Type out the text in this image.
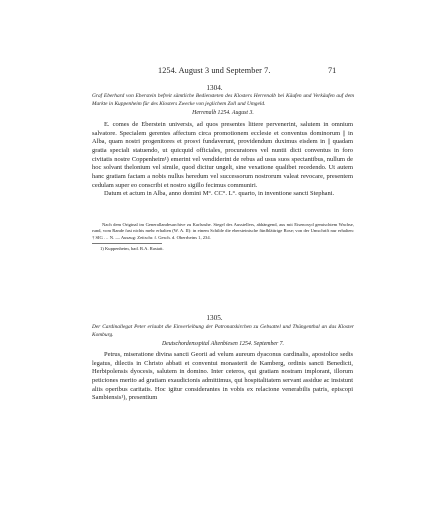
1254. August 3 und September 7.	71
1304.
Graf Eberhard von Eberstein befreit sämtliche Bediensteten des Klosters Herrenalb bei Käufen und Verkäufen auf dem Markte in Kuppenheim für des Klosters Zwecke von jeglichem Zoll und Umgeld.
Herrenalb 1254. August 3.

E. comes de Eberstein universis, ad quos presentes littere pervenerint, salutem in omnium salvatore. Specialem gerentes affectum circa promotionem ecclesie et conventus dominorum || in Alba, quam nostri progenitores et prosvi fundaverunt, providendum duximus eisdem in || quadam gratia speciali statuendo, ut quicquid officiales, procuratores vel nuntii dicti conventus in foro civitatis nostre Coppenheim¹) emerint vel vendiderint de rebus ad usus suos spectantibus, nullum de hoc solvant thelonium vel simile, quod dicitur ungelt, sine vexatione qualibet recedendo. Ut autem hanc gratiam factam a nobis nullus heredum vel successorum nostrorum valeat revocare, presentem cedulam super eo conscribi et nostro sigillo fecimus communiri.

Datum et actum in Alba, anno domini M°. CC°. L°. quarto, in inventione sancti Stephani.

Nach dem Original im Generallandesarchive zu Karlsruhe. Siegel des Ausstellers, abhängend, aus mit Eisenoxyd gemischtem Wachse, rund, vom Rande fast nichts mehr erhalten (W. A. II): in einem Schilde die ebersteinische fünfblättrige Rose; von der Umschrift nur erhalten: † SIG … N. — Auszug: Zeitschr. f. Gesch. d. Oberrheins 1, 234.

1) Kuppenheim, bad. B.A. Rastatt.
1305.
Der Cardinallegat Peter erlaubt die Einverleibung der Patronatskirchen zu Gebsattel und Thüngenthal an das Kloster Komburg.
Deutschordensspital Altenbiesen 1254. September 7.

Petrus, miseratione divina sancti Georii ad velum aureum dyaconus cardinalis, apostolice sedis legatus, dilectis in Christo abbati et conventui monasterii de Kamberg, ordinis sancti Benedicti, Herbipolensis dyocesis, salutem in domino. Inter ceteros, qui gratiam nostram implorant, illorum peticiones merito ad gratiam exaudicionis admittimus, qui hospitalitatem servant assidue ac insistunt aliis operibus caritatis. Hoc igitur considerantes in vobis ex relacione venerabilis patris, episcopi Sambiensis¹), presentium
